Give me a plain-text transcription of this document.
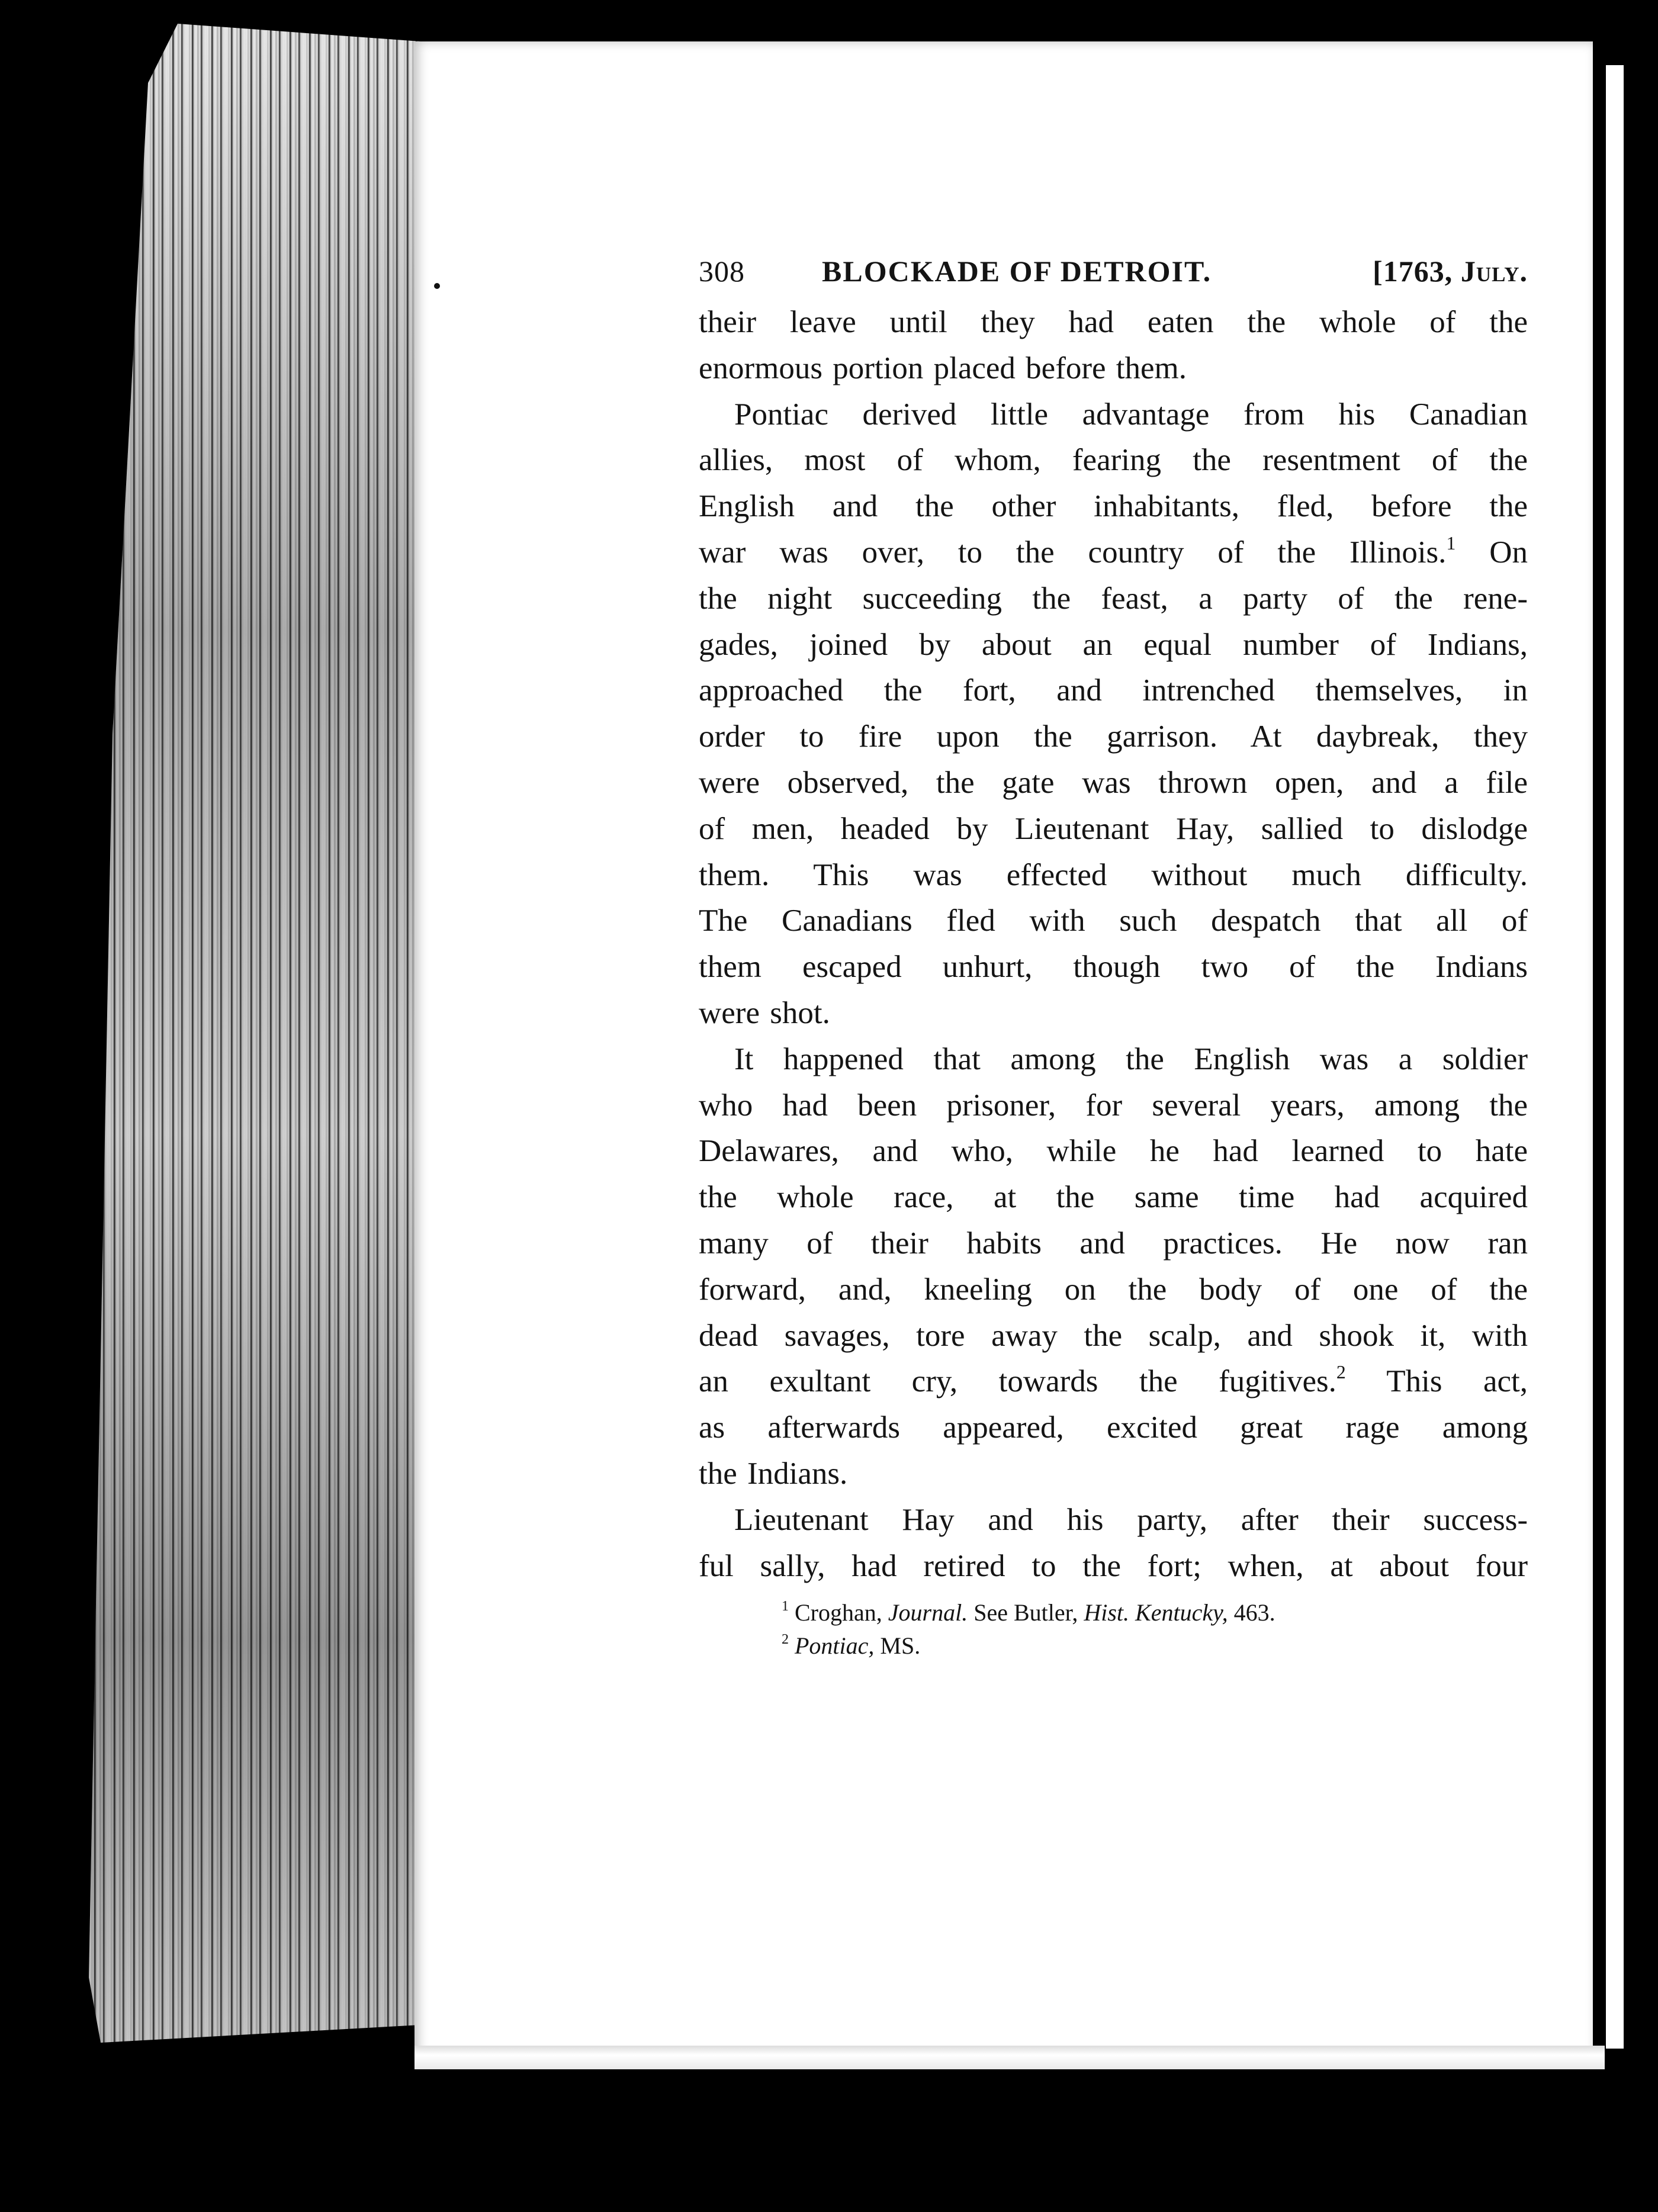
308	BLOCKADE OF DETROIT.	[1763, July.

their leave until they had eaten the whole of the

enormous portion placed before them.

Pontiac derived little advantage from his Canadian

allies, most of whom, fearing the resentment of the

English and the other inhabitants, fled, before the

war was over, to the country of the Illinois.$^1$ On

the night succeeding the feast, a party of the rene-

gades, joined by about an equal number of Indians,

approached the fort, and intrenched themselves, in

order to fire upon the garrison. At daybreak, they

were observed, the gate was thrown open, and a file

of men, headed by Lieutenant Hay, sallied to dislodge

them. This was effected without much difficulty.

The Canadians fled with such despatch that all of

them escaped unhurt, though two of the Indians

were shot.

It happened that among the English was a soldier

who had been prisoner, for several years, among the

Delawares, and who, while he had learned to hate

the whole race, at the same time had acquired

many of their habits and practices. He now ran

forward, and, kneeling on the body of one of the

dead savages, tore away the scalp, and shook it, with

an exultant cry, towards the fugitives.$^2$ This act,

as afterwards appeared, excited great rage among

the Indians.

Lieutenant Hay and his party, after their success-

ful sally, had retired to the fort; when, at about four

$^1$ Croghan, Journal. See Butler, Hist. Kentucky, 463.
$^2$ Pontiac, MS.
